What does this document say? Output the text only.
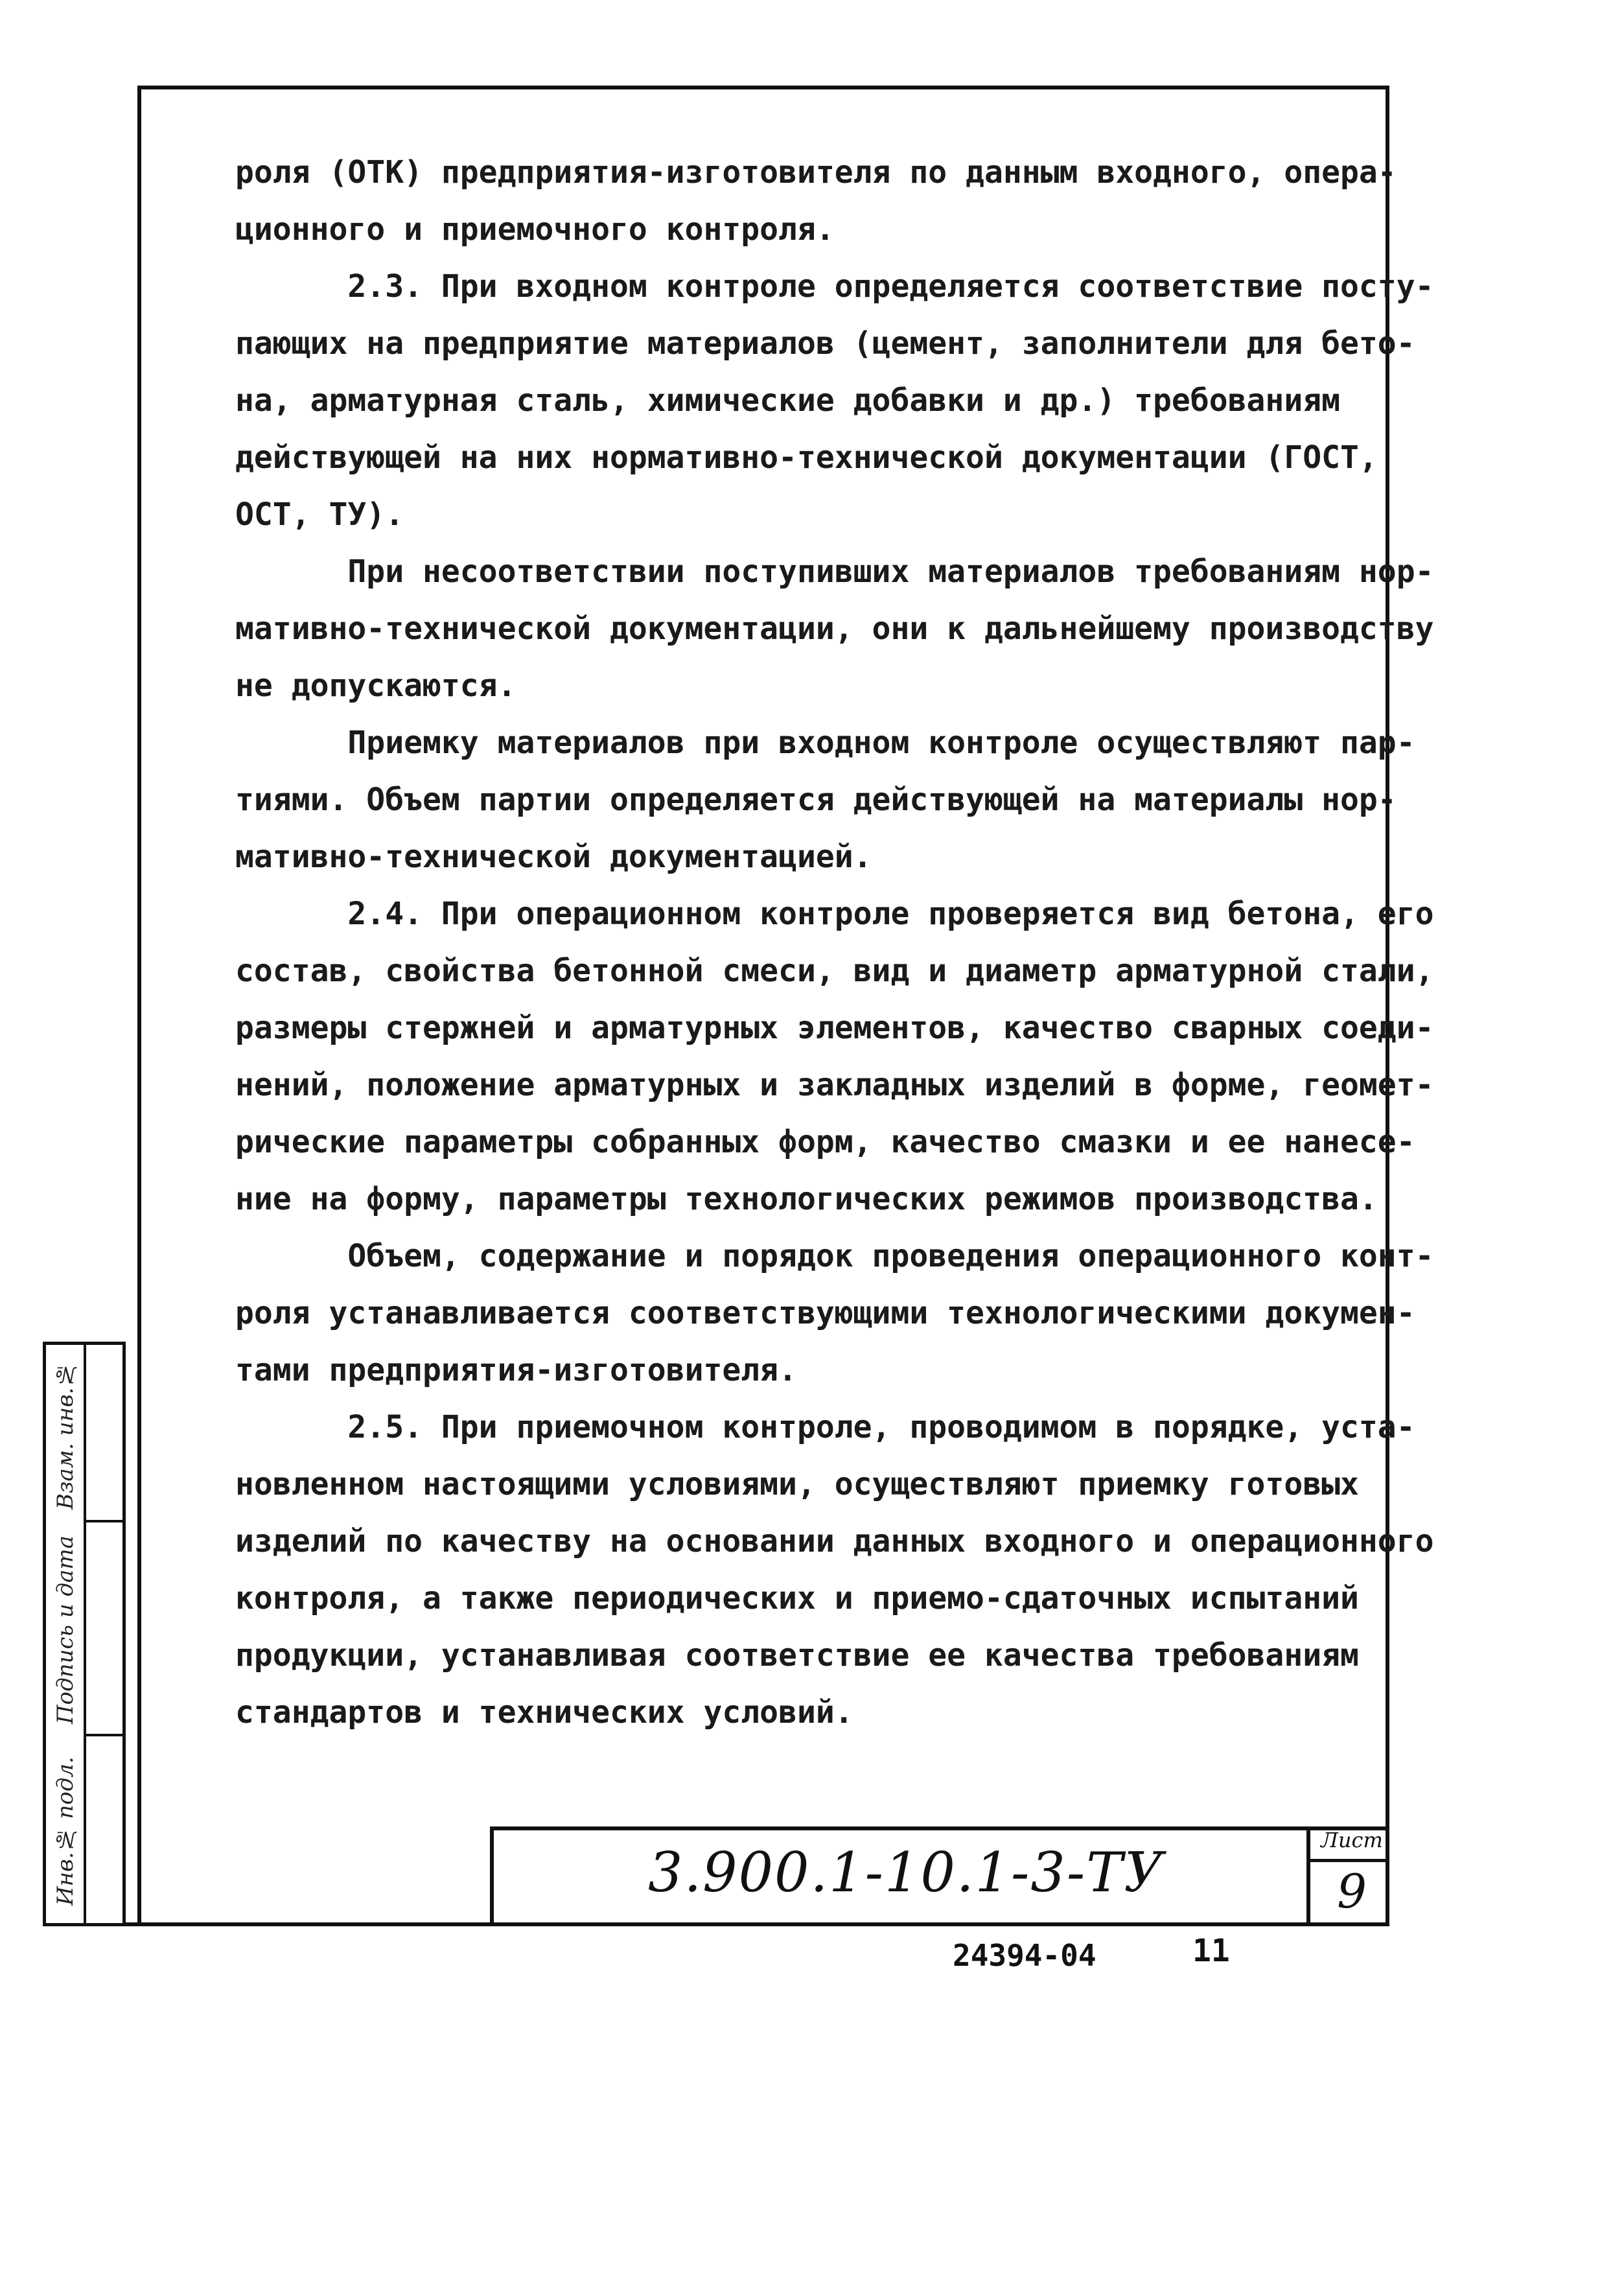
роля (ОТК) предприятия-изготовителя по данным входного, опера-
ционного и приемочного контроля.
2.3. При входном контроле определяется соответствие посту-
пающих на предприятие материалов (цемент, заполнители для бето-
на, арматурная сталь, химические добавки и др.) требованиям
действующей на них нормативно-технической документации (ГОСТ,
ОСТ, ТУ).
При несоответствии поступивших материалов требованиям нор-
мативно-технической документации, они к дальнейшему производству
не допускаются.
Приемку материалов при входном контроле осуществляют пар-
тиями. Объем партии определяется действующей на материалы нор-
мативно-технической документацией.
2.4. При операционном контроле проверяется вид бетона, его
состав, свойства бетонной смеси, вид и диаметр арматурной стали,
размеры стержней и арматурных элементов, качество сварных соеди-
нений, положение арматурных и закладных изделий в форме, геомет-
рические параметры собранных форм, качество смазки и ее нанесе-
ние на форму, параметры технологических режимов производства.
Объем, содержание и порядок проведения операционного конт-
роля устанавливается соответствующими технологическими докумен-
тами предприятия-изготовителя.
2.5. При приемочном контроле, проводимом в порядке, уста-
новленном настоящими условиями, осуществляют приемку готовых
изделий по качеству на основании данных входного и операционного
контроля, а также периодических и приемо-сдаточных испытаний
продукции, устанавливая соответствие ее качества требованиям
стандартов и технических условий.
Взам. инв.№
Подпись и дата
Инв.№ подл.	3.900.1-10.1-3-ТУ
Лист
9
24394-04	11
